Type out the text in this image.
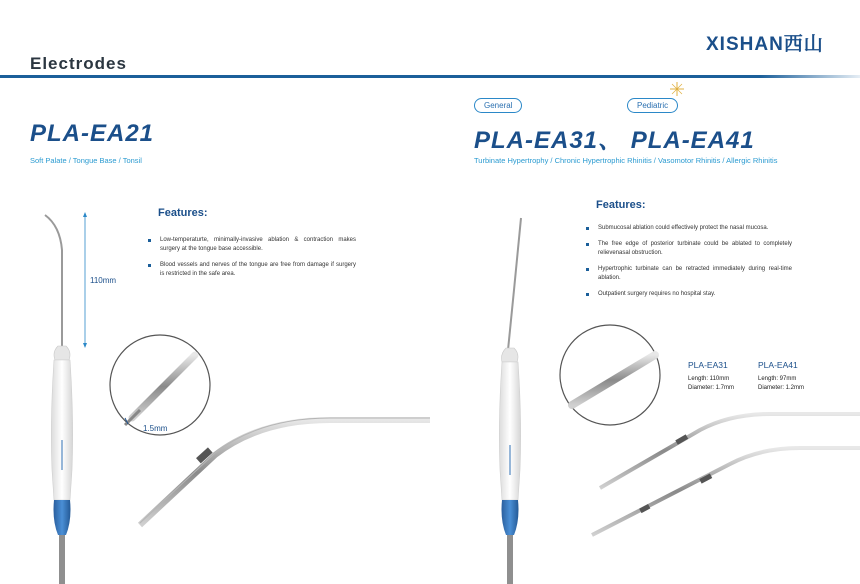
XISHAN西山
Electrodes
PLA-EA21
Soft Palate / Tongue Base / Tonsil
Features:
Low-temperaturte, minimally-invasive ablation & contraction makes surgery at the tongue base accessible.
Blood vessels and nerves of the tongue are free from damage if surgery is restricted in the safe area.
110mm
1.5mm
General	Pediatric
PLA-EA31、 PLA-EA41
Turbinate Hypertrophy / Chronic Hypertrophic Rhinitis / Vasomotor Rhinitis / Allergic Rhinitis
Features:
Submucosal ablation could effectively protect the nasal mucosa.
The free edge of posterior turbinate could be ablated to completely relievenasal obstruction.
Hypertrophic turbinate can be retracted immediately during real-time ablation.
Outpatient surgery requires no hospital stay.
PLA-EA31
Length: 110mm
Diameter: 1.7mm
PLA-EA41
Length: 97mm
Diameter: 1.2mm
